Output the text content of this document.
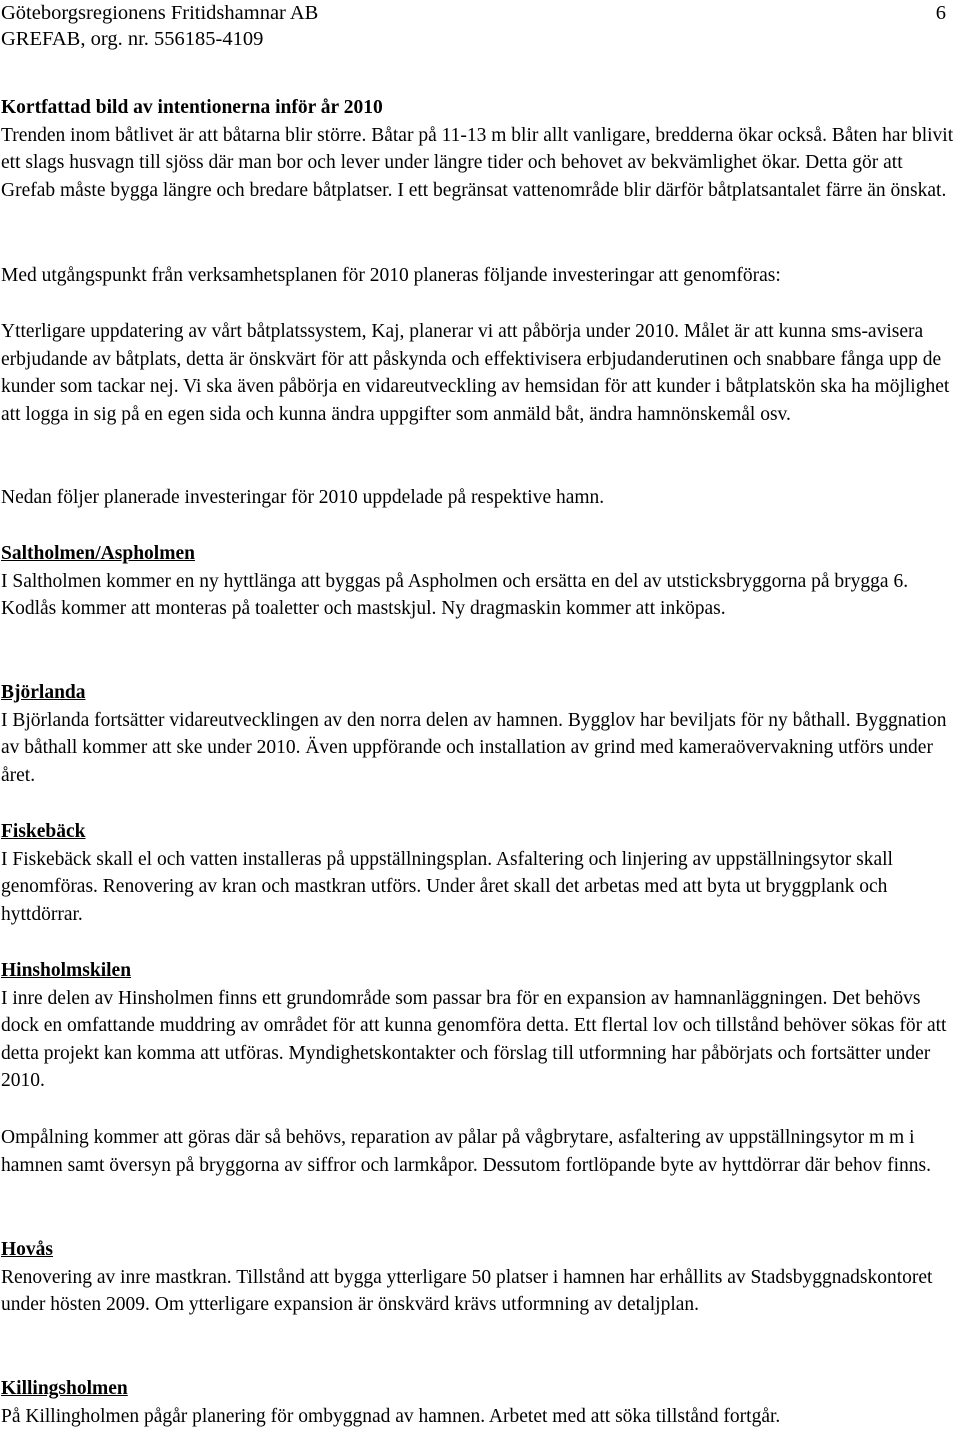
Göteborgsregionens Fritidshamnar AB	6
GREFAB, org. nr. 556185-4109
Kortfattad bild av intentionerna inför år 2010
Trenden inom båtlivet är att båtarna blir större. Båtar på 11-13 m blir allt vanligare, bredderna ökar också. Båten har blivit ett slags husvagn till sjöss där man bor och lever under längre tider och behovet av bekvämlighet ökar. Detta gör att Grefab måste bygga längre och bredare båtplatser. I ett begränsat vattenområde blir därför båtplatsantalet färre än önskat.
Med utgångspunkt från verksamhetsplanen för 2010 planeras följande investeringar att genomföras:
Ytterligare uppdatering av vårt båtplatssystem, Kaj, planerar vi att påbörja under 2010. Målet är att kunna sms-avisera erbjudande av båtplats, detta är önskvärt för att påskynda och effektivisera erbjudanderutinen och snabbare fånga upp de kunder som tackar nej. Vi ska även påbörja en vidareutveckling av hemsidan för att kunder i båtplatskön ska ha möjlighet att logga in sig på en egen sida och kunna ändra uppgifter som anmäld båt, ändra hamnönskemål osv.
Nedan följer planerade investeringar för 2010 uppdelade på respektive hamn.
Saltholmen/Aspholmen
I Saltholmen kommer en ny hyttlänga att byggas på Aspholmen och ersätta en del av utsticksbryggorna på brygga 6. Kodlås kommer att monteras på toaletter och mastskjul. Ny dragmaskin kommer att inköpas.
Björlanda
I Björlanda fortsätter vidareutvecklingen av den norra delen av hamnen. Bygglov har beviljats för ny båthall. Byggnation av båthall kommer att ske under 2010. Även uppförande och installation av grind med kameraövervakning utförs under året.
Fiskebäck
I Fiskebäck skall el och vatten installeras på uppställningsplan. Asfaltering och linjering av uppställningsytor skall genomföras. Renovering av kran och mastkran utförs. Under året skall det arbetas med att byta ut bryggplank och hyttdörrar.
Hinsholmskilen
I inre delen av Hinsholmen finns ett grundområde som passar bra för en expansion av hamnanläggningen. Det behövs dock en omfattande muddring av området för att kunna genomföra detta. Ett flertal lov och tillstånd behöver sökas för att detta projekt kan komma att utföras. Myndighetskontakter och förslag till utformning har påbörjats och fortsätter under 2010.
Ompålning kommer att göras där så behövs, reparation av pålar på vågbrytare, asfaltering av uppställningsytor m m i hamnen samt översyn på bryggorna av siffror och larmkåpor. Dessutom fortlöpande byte av hyttdörrar där behov finns.
Hovås
Renovering av inre mastkran. Tillstånd att bygga ytterligare 50 platser i hamnen har erhållits av Stadsbyggnadskontoret under hösten 2009. Om ytterligare expansion är önskvärd krävs utformning av detaljplan.
Killingsholmen
På Killingholmen pågår planering för ombyggnad av hamnen. Arbetet med att söka tillstånd fortgår.
